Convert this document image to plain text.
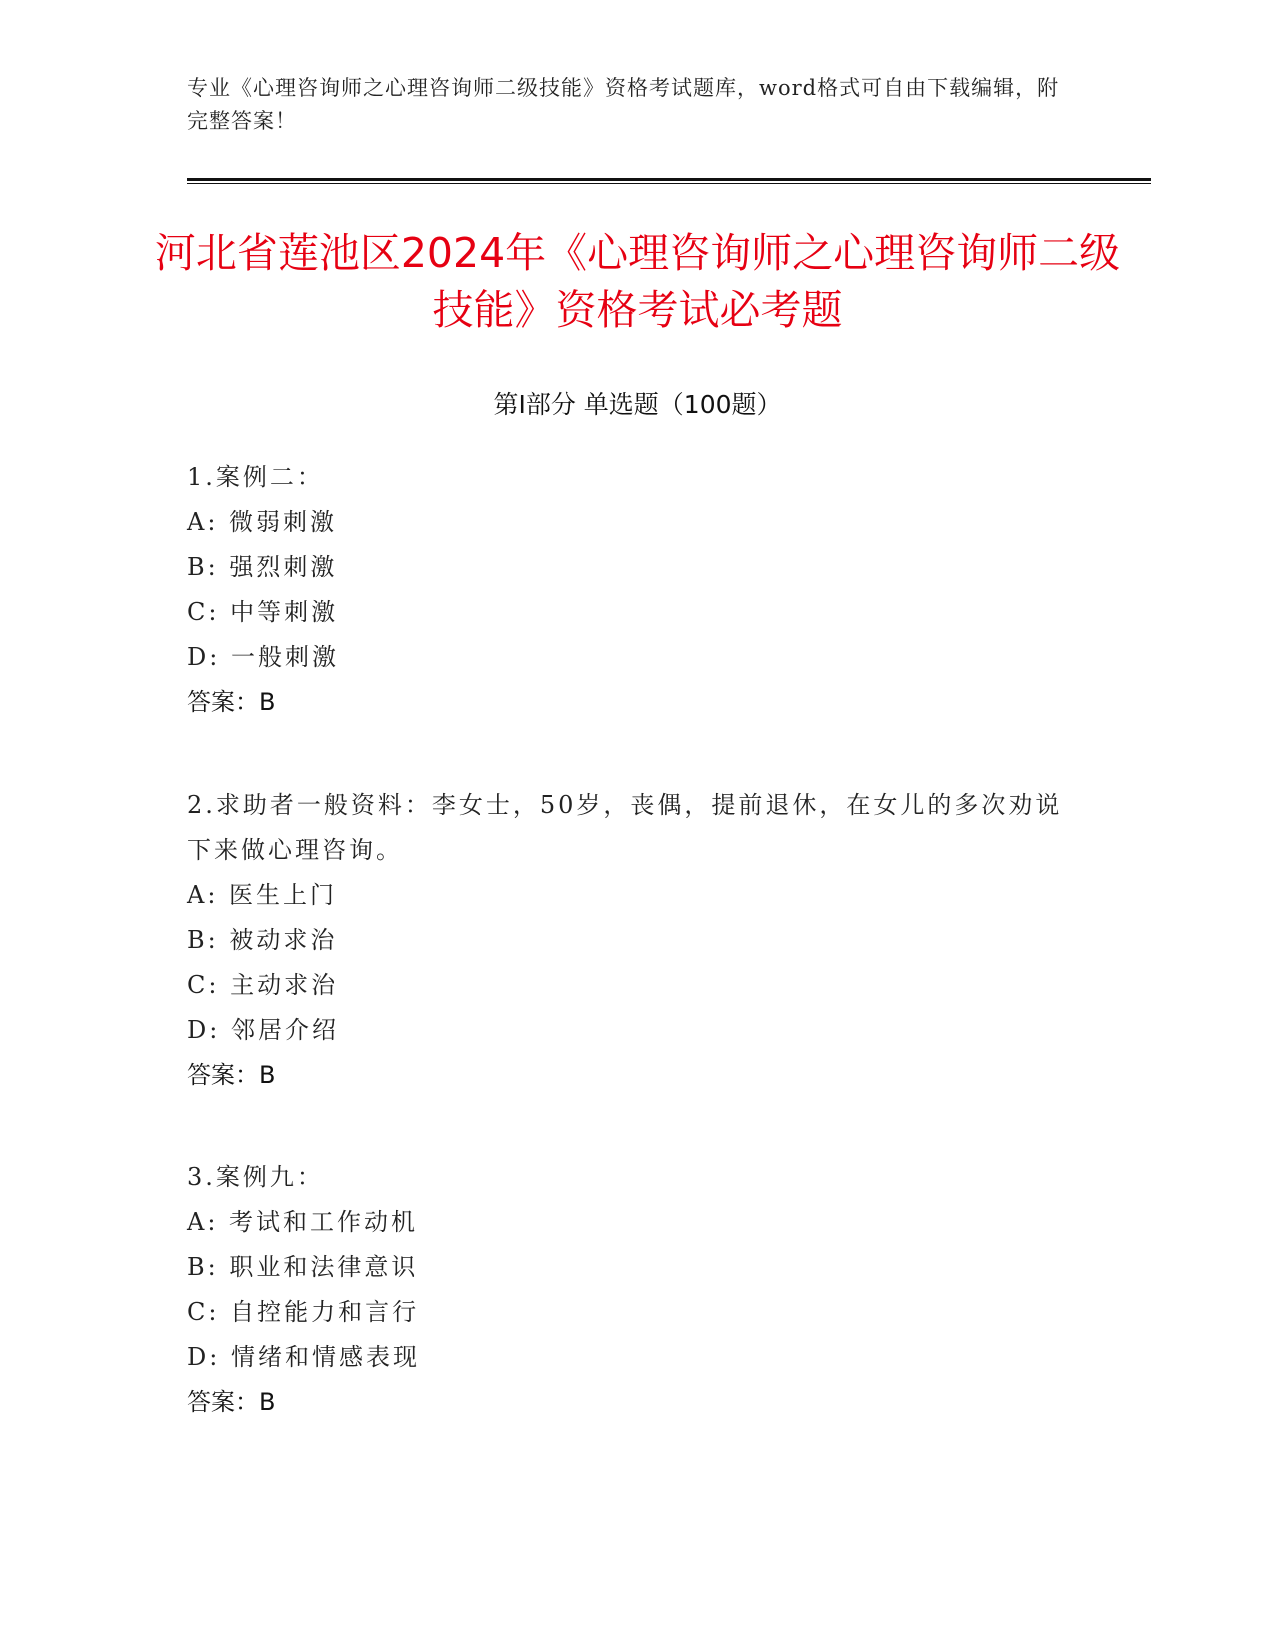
专业《心理咨询师之心理咨询师二级技能》资格考试题库，word格式可自由下载编辑，附完整答案！
河北省莲池区2024年《心理咨询师之心理咨询师二级技能》资格考试必考题
第Ⅰ部分 单选题（100题）
1.案例二：
A: 微弱刺激
B: 强烈刺激
C: 中等刺激
D: 一般刺激
答案：B
2.求助者一般资料：李女士，50岁，丧偶，提前退休，在女儿的多次劝说下来做心理咨询。
A: 医生上门
B: 被动求治
C: 主动求治
D: 邻居介绍
答案：B
3.案例九：
A: 考试和工作动机
B: 职业和法律意识
C: 自控能力和言行
D: 情绪和情感表现
答案：B
